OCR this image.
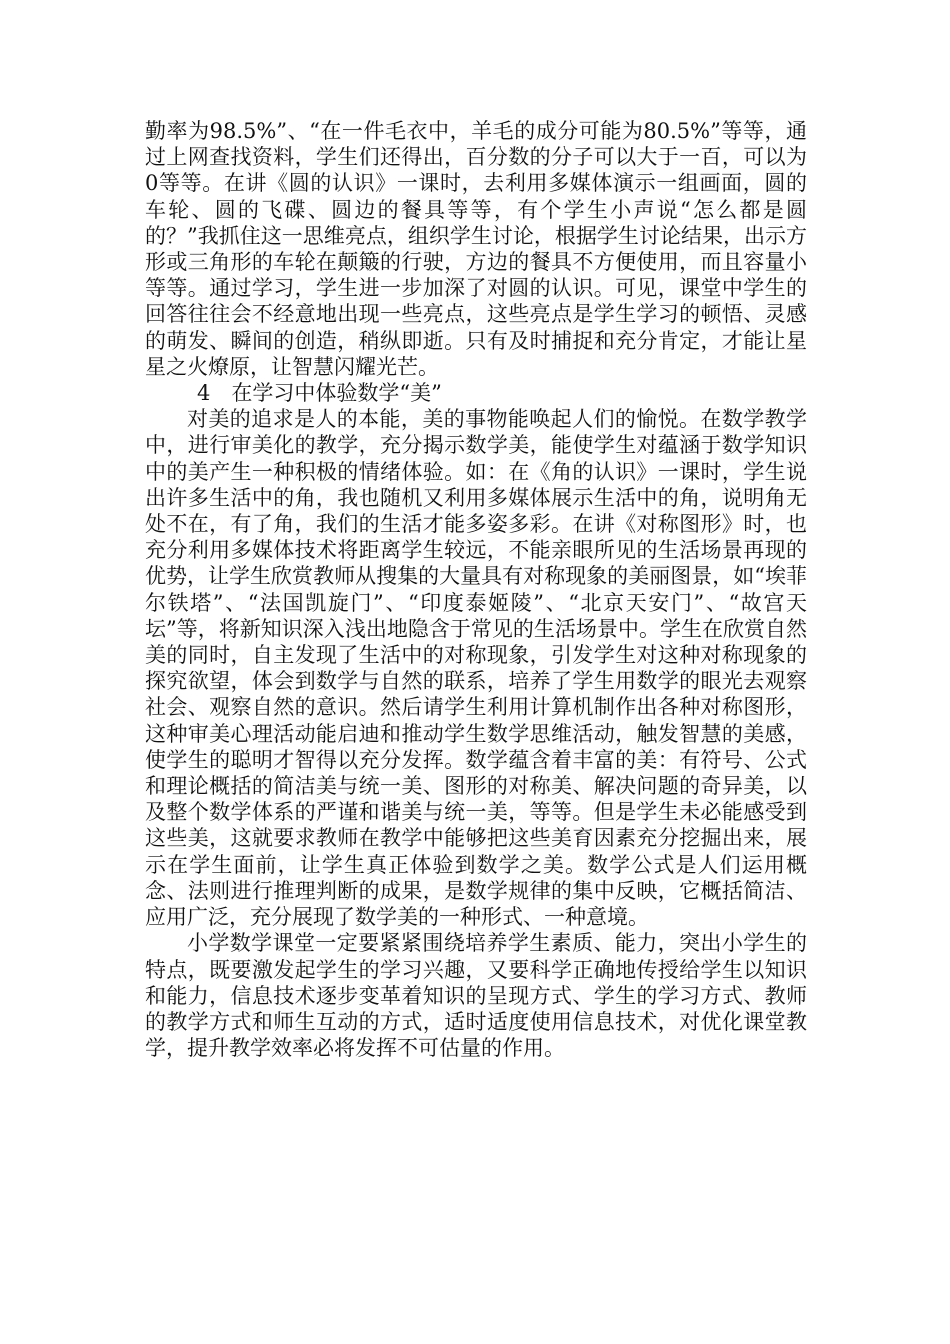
勤率为98.5%”、“在一件毛衣中，羊毛的成分可能为80.5%”等等，通过上网查找资料，学生们还得出，百分数的分子可以大于一百，可以为0等等。在讲《圆的认识》一课时，去利用多媒体演示一组画面，圆的车轮、圆的飞碟、圆边的餐具等等，有个学生小声说“怎么都是圆的？”我抓住这一思维亮点，组织学生讨论，根据学生讨论结果，出示方形或三角形的车轮在颠簸的行驶，方边的餐具不方便使用，而且容量小等等。通过学习，学生进一步加深了对圆的认识。可见，课堂中学生的回答往往会不经意地出现一些亮点，这些亮点是学生学习的顿悟、灵感的萌发、瞬间的创造，稍纵即逝。只有及时捕捉和充分肯定，才能让星星之火燎原，让智慧闪耀光芒。

4　在学习中体验数学“美”

对美的追求是人的本能，美的事物能唤起人们的愉悦。在数学教学中，进行审美化的教学，充分揭示数学美，能使学生对蕴涵于数学知识中的美产生一种积极的情绪体验。如：在《角的认识》一课时，学生说出许多生活中的角，我也随机又利用多媒体展示生活中的角，说明角无处不在，有了角，我们的生活才能多姿多彩。在讲《对称图形》时，也充分利用多媒体技术将距离学生较远，不能亲眼所见的生活场景再现的优势，让学生欣赏教师从搜集的大量具有对称现象的美丽图景，如“埃菲尔铁塔”、“法国凯旋门”、“印度泰姬陵”、“北京天安门”、“故宫天坛”等，将新知识深入浅出地隐含于常见的生活场景中。学生在欣赏自然美的同时，自主发现了生活中的对称现象，引发学生对这种对称现象的探究欲望，体会到数学与自然的联系，培养了学生用数学的眼光去观察社会、观察自然的意识。然后请学生利用计算机制作出各种对称图形，这种审美心理活动能启迪和推动学生数学思维活动，触发智慧的美感，使学生的聪明才智得以充分发挥。数学蕴含着丰富的美：有符号、公式和理论概括的简洁美与统一美、图形的对称美、解决问题的奇异美，以及整个数学体系的严谨和谐美与统一美，等等。但是学生未必能感受到这些美，这就要求教师在教学中能够把这些美育因素充分挖掘出来，展示在学生面前，让学生真正体验到数学之美。数学公式是人们运用概念、法则进行推理判断的成果，是数学规律的集中反映，它概括简洁、应用广泛，充分展现了数学美的一种形式、一种意境。

小学数学课堂一定要紧紧围绕培养学生素质、能力，突出小学生的特点，既要激发起学生的学习兴趣，又要科学正确地传授给学生以知识和能力，信息技术逐步变革着知识的呈现方式、学生的学习方式、教师的教学方式和师生互动的方式，适时适度使用信息技术，对优化课堂教学，提升教学效率必将发挥不可估量的作用。
